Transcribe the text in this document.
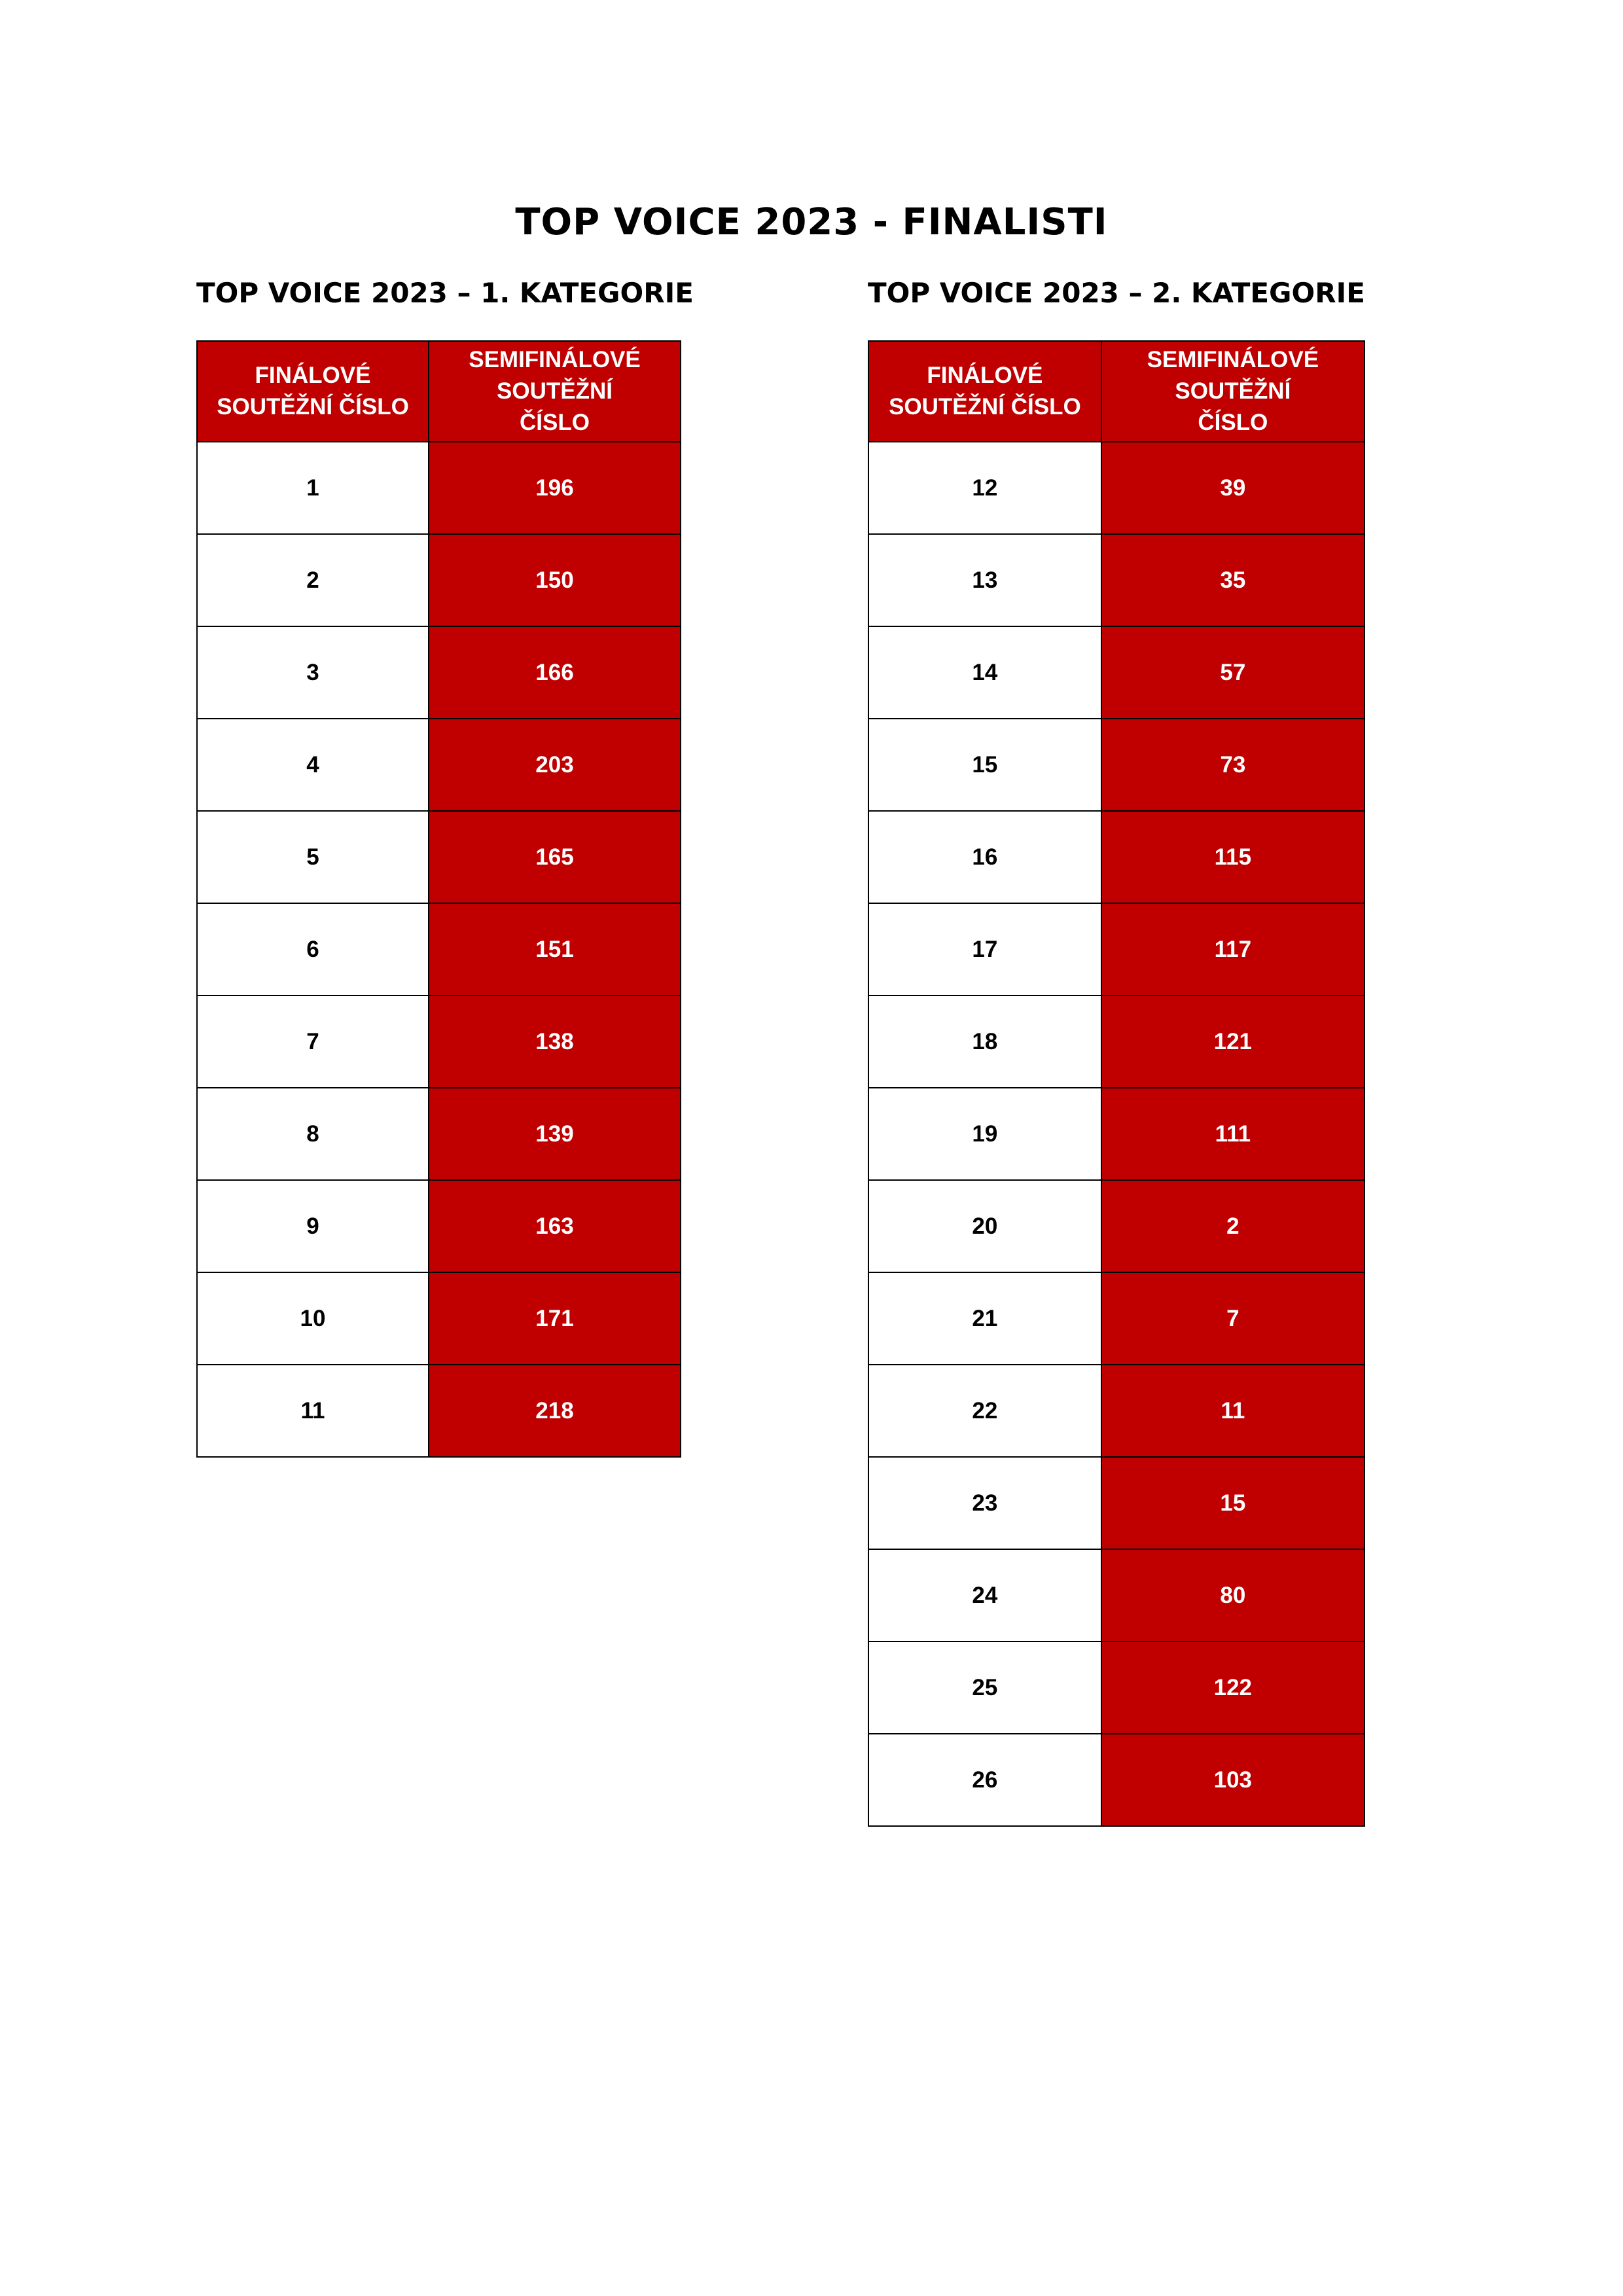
TOP VOICE 2023 - FINALISTI
TOP VOICE 2023 – 1. KATEGORIE
FINÁLOVÉ
SOUTĚŽNÍ ČÍSLO	SEMIFINÁLOVÉ
SOUTĚŽNÍ
ČÍSLO
1	196
2	150
3	166
4	203
5	165
6	151
7	138
8	139
9	163
10	171
11	218
TOP VOICE 2023 – 2. KATEGORIE
FINÁLOVÉ
SOUTĚŽNÍ ČÍSLO	SEMIFINÁLOVÉ
SOUTĚŽNÍ
ČÍSLO
12	39
13	35
14	57
15	73
16	115
17	117
18	121
19	111
20	2
21	7
22	11
23	15
24	80
25	122
26	103
